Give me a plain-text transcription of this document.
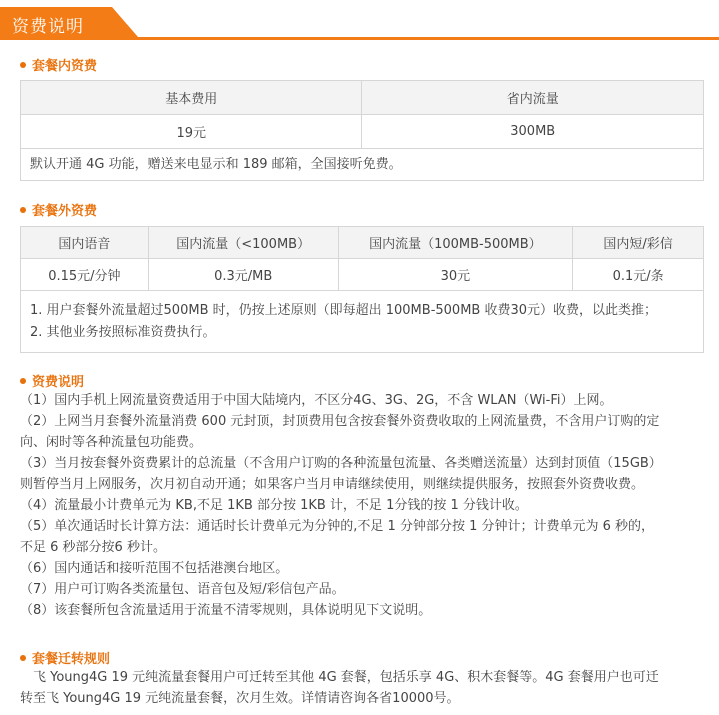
资费说明
套餐内资费
基本费用	省内流量
19元	300MB
默认开通 4G 功能，赠送来电显示和 189 邮箱，全国接听免费。	
套餐外资费
国内语音	国内流量（<100MB）	国内流量（100MB-500MB）	国内短/彩信
0.15元/分钟	0.3元/MB	30元	0.1元/条

1. 用户套餐外流量超过500MB 时，仍按上述原则（即每超出 100MB-500MB 收费30元）收费，以此类推；
2. 其他业务按照标准资费执行。			
资费说明

（1）国内手机上网流量资费适用于中国大陆境内，不区分4G、3G、2G，不含 WLAN（Wi-Fi）上网。

（2）上网当月套餐外流量消费 600 元封顶，封顶费用包含按套餐外资费收取的上网流量费，不含用户订购的定

向、闲时等各种流量包功能费。

（3）当月按套餐外资费累计的总流量（不含用户订购的各种流量包流量、各类赠送流量）达到封顶值（15GB）

则暂停当月上网服务，次月初自动开通；如果客户当月申请继续使用，则继续提供服务，按照套外资费收费。

（4）流量最小计费单元为 KB,不足 1KB 部分按 1KB 计，不足 1分钱的按 1 分钱计收。

（5）单次通话时长计算方法：通话时长计费单元为分钟的,不足 1 分钟部分按 1 分钟计；计费单元为 6 秒的，

不足 6 秒部分按6 秒计。

（6）国内通话和接听范围不包括港澳台地区。

（7）用户可订购各类流量包、语音包及短/彩信包产品。

（8）该套餐所包含流量适用于流量不清零规则，具体说明见下文说明。

套餐迁转规则

　飞 Young4G 19 元纯流量套餐用户可迁转至其他 4G 套餐，包括乐享 4G、积木套餐等。4G 套餐用户也可迁

转至飞 Young4G 19 元纯流量套餐，次月生效。详情请咨询各省10000号。
